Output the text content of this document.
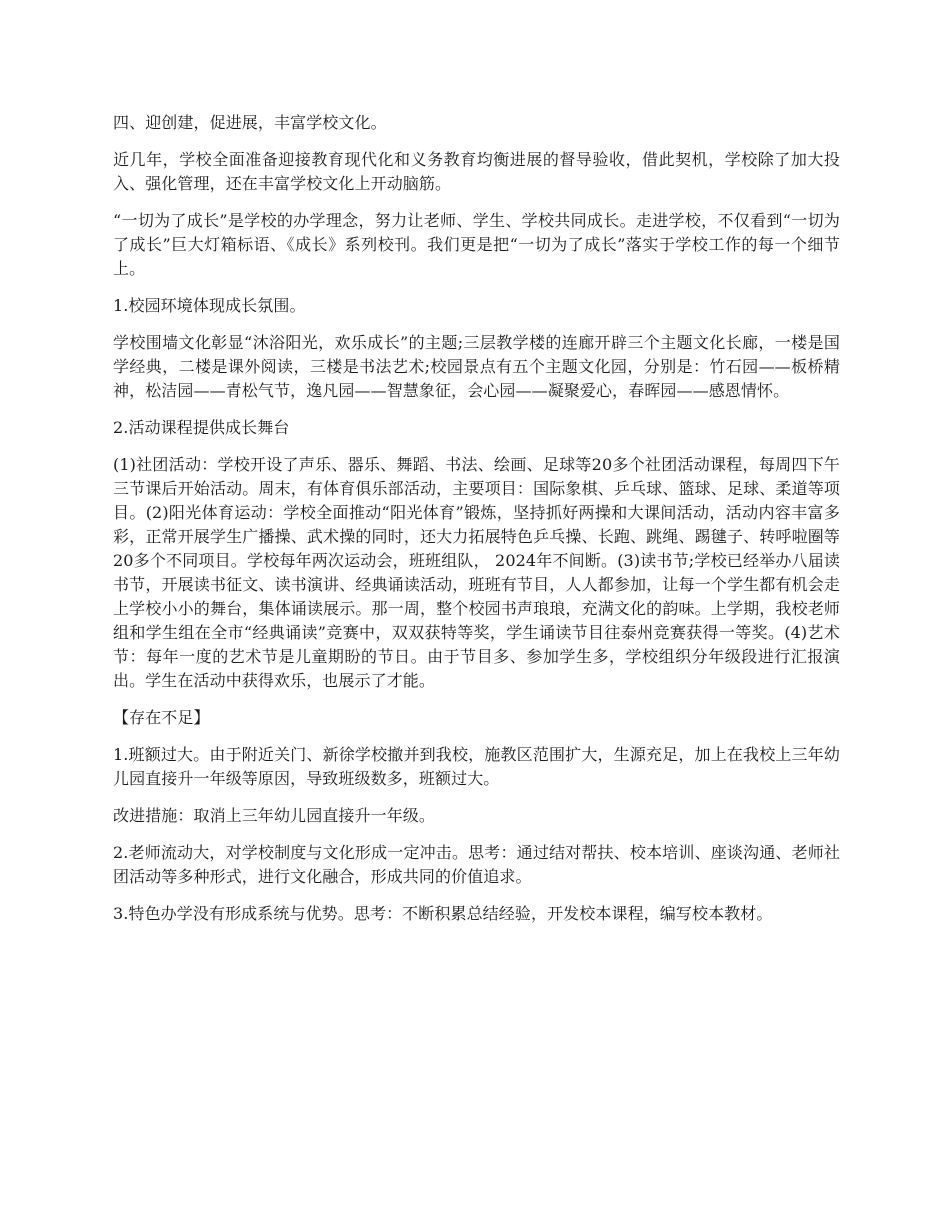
四、迎创建，促进展，丰富学校文化。

近几年，学校全面准备迎接教育现代化和义务教育均衡进展的督导验收，借此契机，学校除了加大投入、强化管理，还在丰富学校文化上开动脑筋。

“一切为了成长”是学校的办学理念，努力让老师、学生、学校共同成长。走进学校，不仅看到“一切为了成长”巨大灯箱标语、《成长》系列校刊。我们更是把“一切为了成长”落实于学校工作的每一个细节上。

1.校园环境体现成长氛围。

学校围墙文化彰显“沐浴阳光，欢乐成长”的主题;三层教学楼的连廊开辟三个主题文化长廊，一楼是国学经典，二楼是课外阅读，三楼是书法艺术;校园景点有五个主题文化园，分别是：竹石园——板桥精神，松洁园——青松气节，逸凡园——智慧象征，会心园——凝聚爱心，春晖园——感恩情怀。

2.活动课程提供成长舞台

(1)社团活动：学校开设了声乐、器乐、舞蹈、书法、绘画、足球等20多个社团活动课程，每周四下午三节课后开始活动。周末，有体育俱乐部活动，主要项目：国际象棋、乒乓球、篮球、足球、柔道等项目。(2)阳光体育运动：学校全面推动“阳光体育”锻炼，坚持抓好两操和大课间活动，活动内容丰富多彩，正常开展学生广播操、武术操的同时，还大力拓展特色乒乓操、长跑、跳绳、踢毽子、转呼啦圈等20多个不同项目。学校每年两次运动会，班班组队， 2024年不间断。(3)读书节;学校已经举办八届读书节，开展读书征文、读书演讲、经典诵读活动，班班有节目，人人都参加，让每一个学生都有机会走上学校小小的舞台，集体诵读展示。那一周，整个校园书声琅琅，充满文化的韵味。上学期，我校老师组和学生组在全市“经典诵读”竞赛中，双双获特等奖，学生诵读节目往泰州竞赛获得一等奖。(4)艺术节：每年一度的艺术节是儿童期盼的节日。由于节目多、参加学生多，学校组织分年级段进行汇报演出。学生在活动中获得欢乐，也展示了才能。

【存在不足】

1.班额过大。由于附近关门、新徐学校撤并到我校，施教区范围扩大，生源充足，加上在我校上三年幼儿园直接升一年级等原因，导致班级数多，班额过大。

改进措施：取消上三年幼儿园直接升一年级。

2.老师流动大，对学校制度与文化形成一定冲击。思考：通过结对帮扶、校本培训、座谈沟通、老师社团活动等多种形式，进行文化融合，形成共同的价值追求。

3.特色办学没有形成系统与优势。思考：不断积累总结经验，开发校本课程，编写校本教材。
